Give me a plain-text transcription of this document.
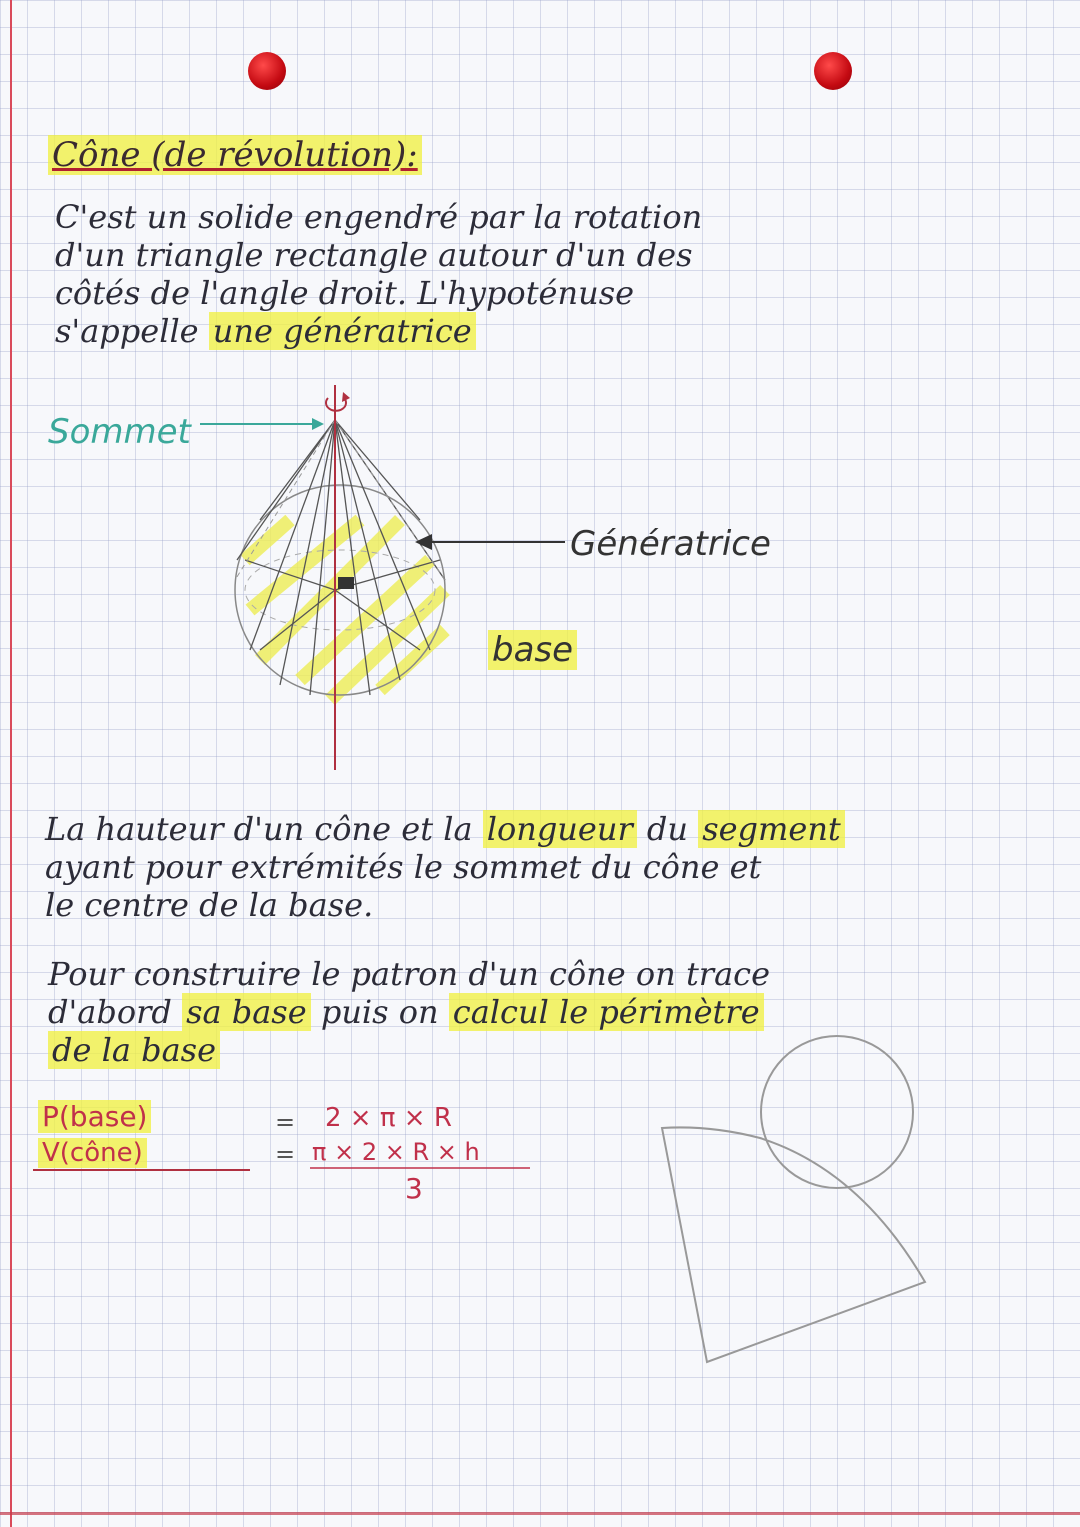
Cône (de révolution):
C'est un solide engendré par la rotation
d'un triangle rectangle autour d'un des
côtés de l'angle droit. L'hypoténuse
s'appelle une génératrice
Sommet
Génératrice
base
La hauteur d'un cône et la longueur du segment
ayant pour extrémités le sommet du cône et
le centre de la base.
Pour construire le patron d'un cône on trace
d'abord sa base puis on calcul le périmètre
de la base
P(base)	= 2 × π × R
V(cône)	= π × 2 × R × h
3
